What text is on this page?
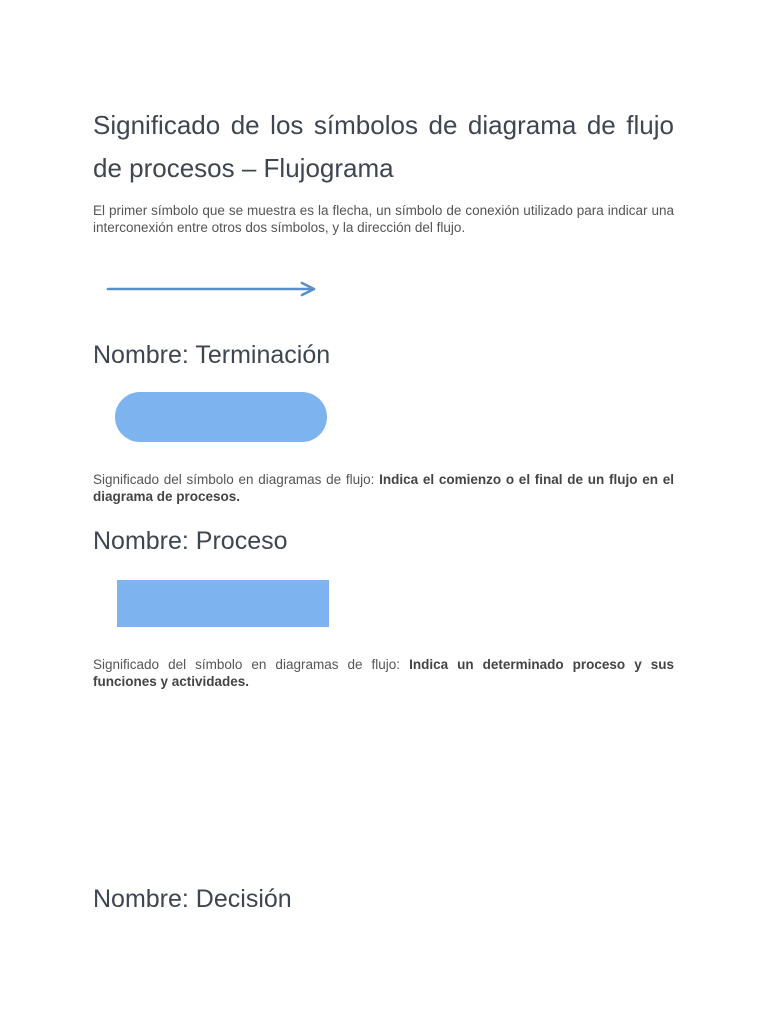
Significado de los símbolos de diagrama de flujo de procesos – Flujograma

El primer símbolo que se muestra es la flecha, un símbolo de conexión utilizado para indicar una interconexión entre otros dos símbolos, y la dirección del flujo.

Nombre: Terminación

Significado del símbolo en diagramas de flujo: Indica el comienzo o el final de un flujo en el diagrama de procesos.

Nombre: Proceso

Significado del símbolo en diagramas de flujo: Indica un determinado proceso y sus funciones y actividades.

Nombre: Decisión
